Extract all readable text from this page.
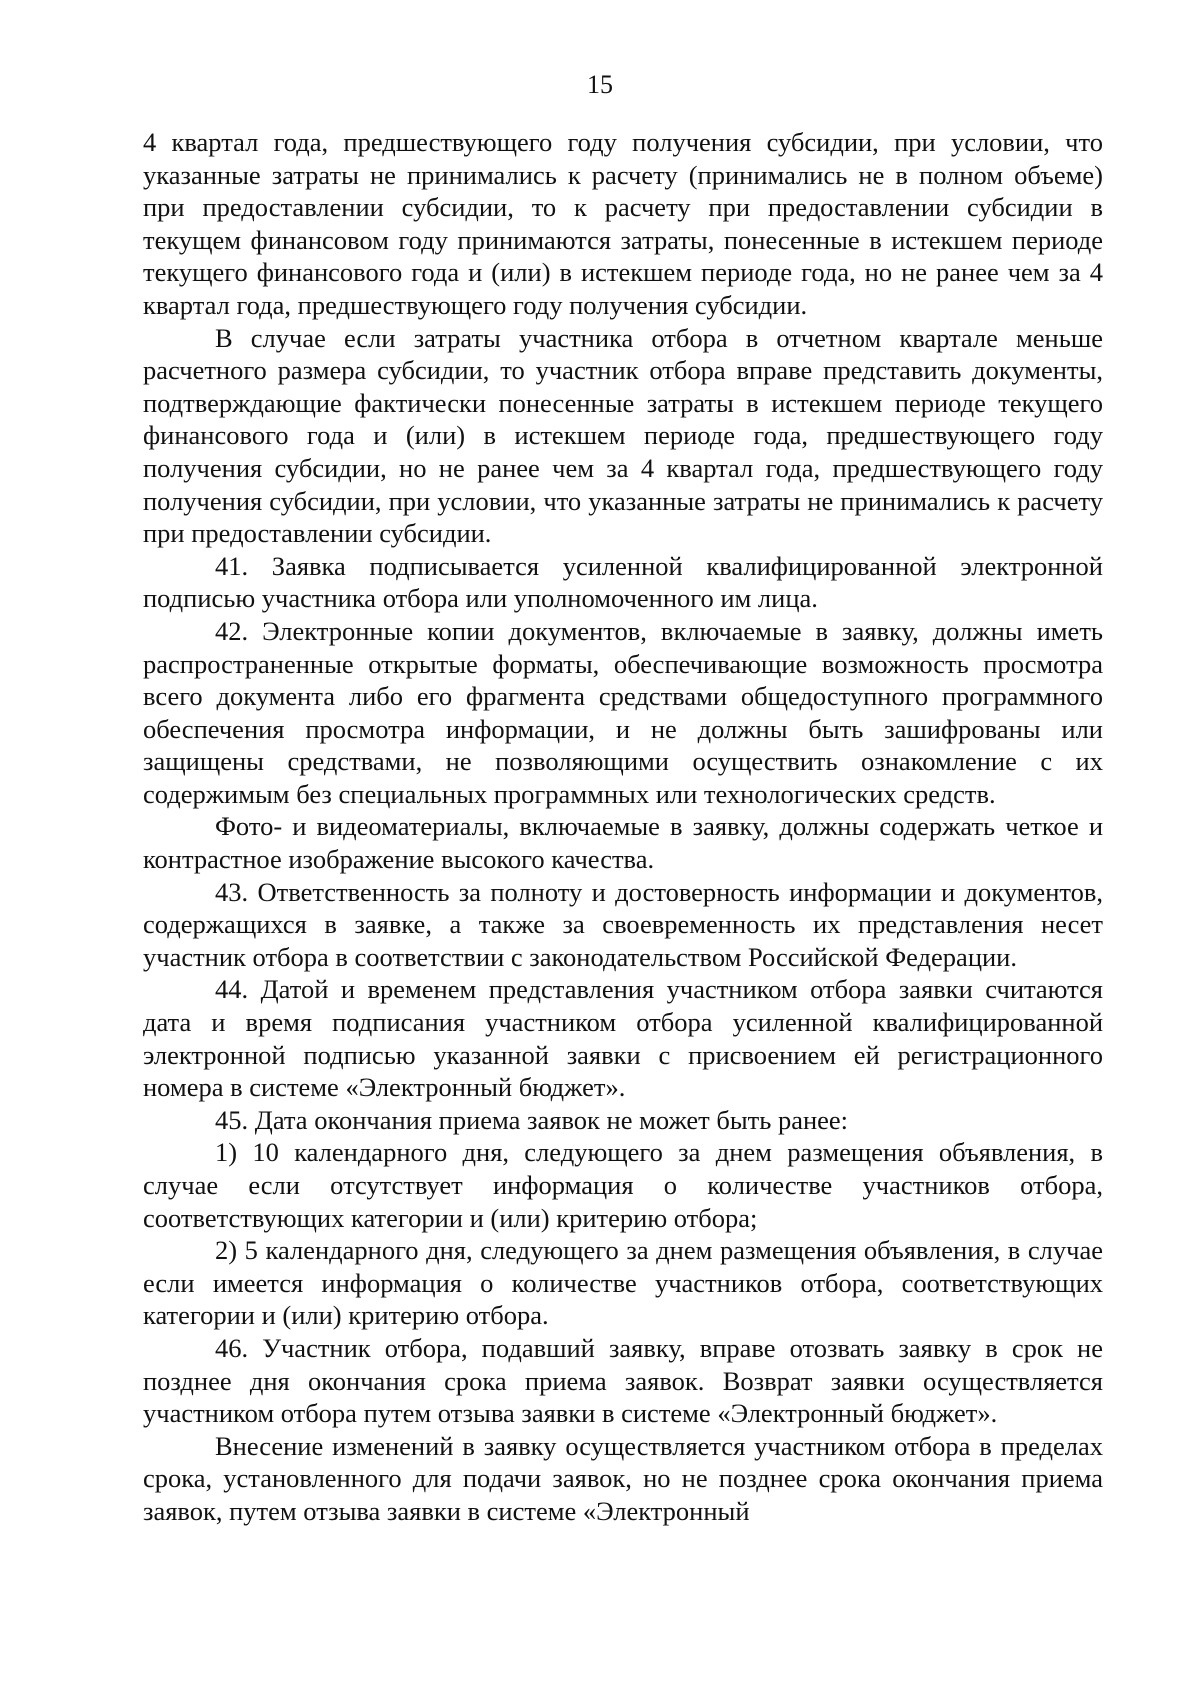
15

4 квартал года, предшествующего году получения субсидии, при условии, что указанные затраты не принимались к расчету (принимались не в полном объеме) при предоставлении субсидии, то к расчету при предоставлении субсидии в текущем финансовом году принимаются затраты, понесенные в истекшем периоде текущего финансового года и (или) в истекшем периоде года, но не ранее чем за 4 квартал года, предшествующего году получения субсидии.

В случае если затраты участника отбора в отчетном квартале меньше расчетного размера субсидии, то участник отбора вправе представить документы, подтверждающие фактически понесенные затраты в истекшем периоде текущего финансового года и (или) в истекшем периоде года, предшествующего году получения субсидии, но не ранее чем за 4 квартал года, предшествующего году получения субсидии, при условии, что указанные затраты не принимались к расчету при предоставлении субсидии.

41. Заявка подписывается усиленной квалифицированной электронной подписью участника отбора или уполномоченного им лица.

42. Электронные копии документов, включаемые в заявку, должны иметь распространенные открытые форматы, обеспечивающие возможность просмотра всего документа либо его фрагмента средствами общедоступного программного обеспечения просмотра информации, и не должны быть зашифрованы или защищены средствами, не позволяющими осуществить ознакомление с их содержимым без специальных программных или технологических средств.

Фото- и видеоматериалы, включаемые в заявку, должны содержать четкое и контрастное изображение высокого качества.

43. Ответственность за полноту и достоверность информации и документов, содержащихся в заявке, а также за своевременность их представления несет участник отбора в соответствии с законодательством Российской Федерации.

44. Датой и временем представления участником отбора заявки считаются дата и время подписания участником отбора усиленной квалифицированной электронной подписью указанной заявки с присвоением ей регистрационного номера в системе «Электронный бюджет».

45. Дата окончания приема заявок не может быть ранее:

1) 10 календарного дня, следующего за днем размещения объявления, в случае если отсутствует информация о количестве участников отбора, соответствующих категории и (или) критерию отбора;

2) 5 календарного дня, следующего за днем размещения объявления, в случае если имеется информация о количестве участников отбора, соответствующих категории и (или) критерию отбора.

46. Участник отбора, подавший заявку, вправе отозвать заявку в срок не позднее дня окончания срока приема заявок. Возврат заявки осуществляется участником отбора путем отзыва заявки в системе «Электронный бюджет».

Внесение изменений в заявку осуществляется участником отбора в пределах срока, установленного для подачи заявок, но не позднее срока окончания приема заявок, путем отзыва заявки в системе «Электронный
